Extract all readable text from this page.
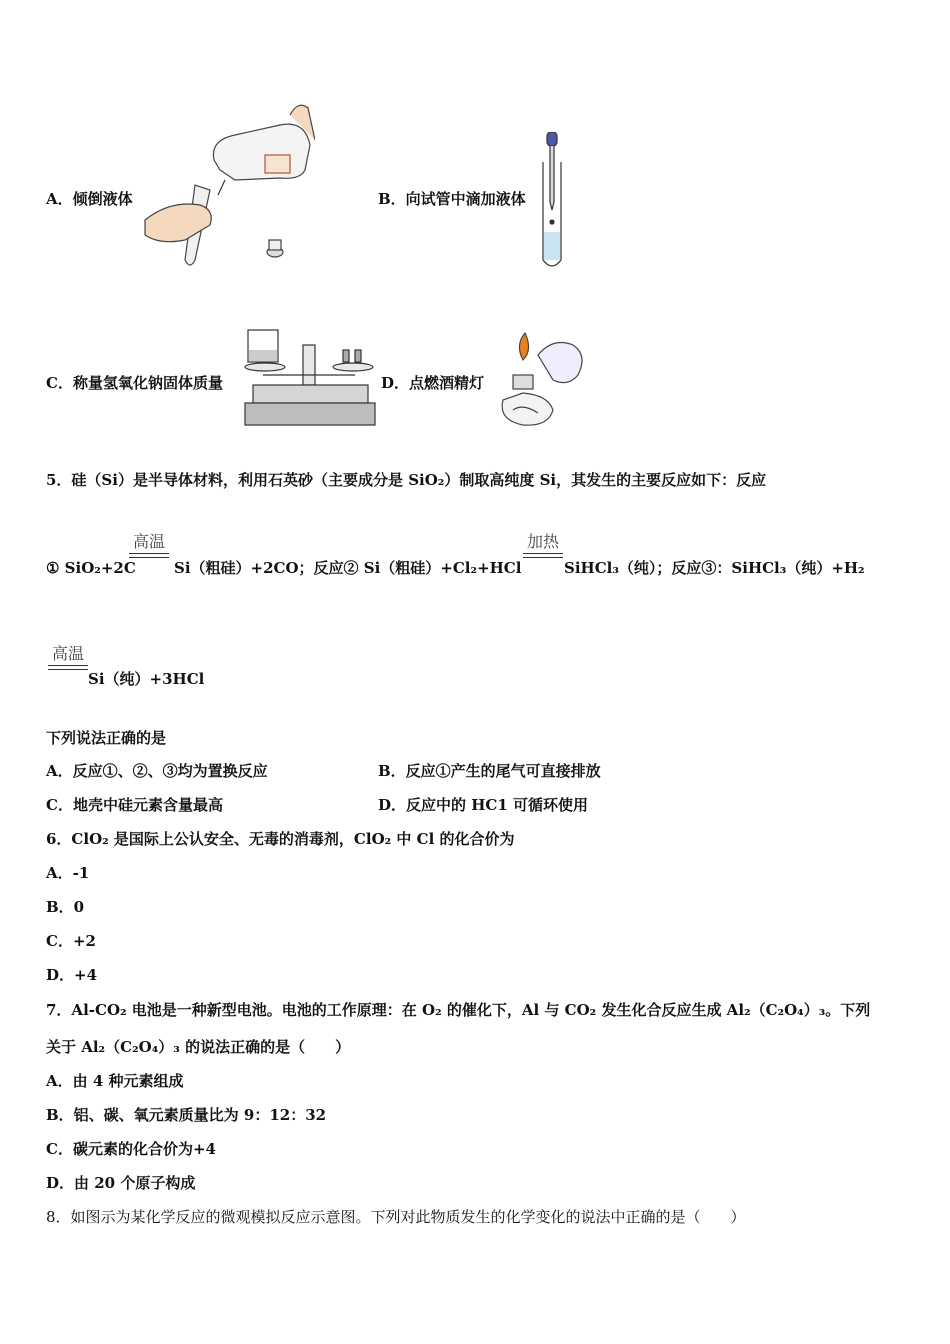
A．倾倒液体	B．向试管中滴加液体
C．称量氢氧化钠固体质量	D．点燃酒精灯
5．硅（Si）是半导体材料，利用石英砂（主要成分是 SiO₂）制取高纯度 Si，其发生的主要反应如下：反应
高温
① SiO₂+2C	Si（粗硅）+2CO；反应② Si（粗硅）+Cl₂+HCl
加热
SiHCl₃（纯）；反应③：SiHCl₃（纯）+H₂
高温
Si（纯）+3HCl
下列说法正确的是
A．反应①、②、③均为置换反应	B．反应①产生的尾气可直接排放
C．地壳中硅元素含量最高	D．反应中的 HC1 可循环使用
6．ClO₂ 是国际上公认安全、无毒的消毒剂，ClO₂ 中 Cl 的化合价为
A．-1
B．0
C．+2
D．+4
7．Al-CO₂ 电池是一种新型电池。电池的工作原理：在 O₂ 的催化下，Al 与 CO₂ 发生化合反应生成 Al₂（C₂O₄）₃。下列
关于 Al₂（C₂O₄）₃ 的说法正确的是（　　）
A．由 4 种元素组成
B．铝、碳、氧元素质量比为 9：12：32
C．碳元素的化合价为+4
D．由 20 个原子构成
8．如图示为某化学反应的微观模拟反应示意图。下列对此物质发生的化学变化的说法中正确的是（　　）
